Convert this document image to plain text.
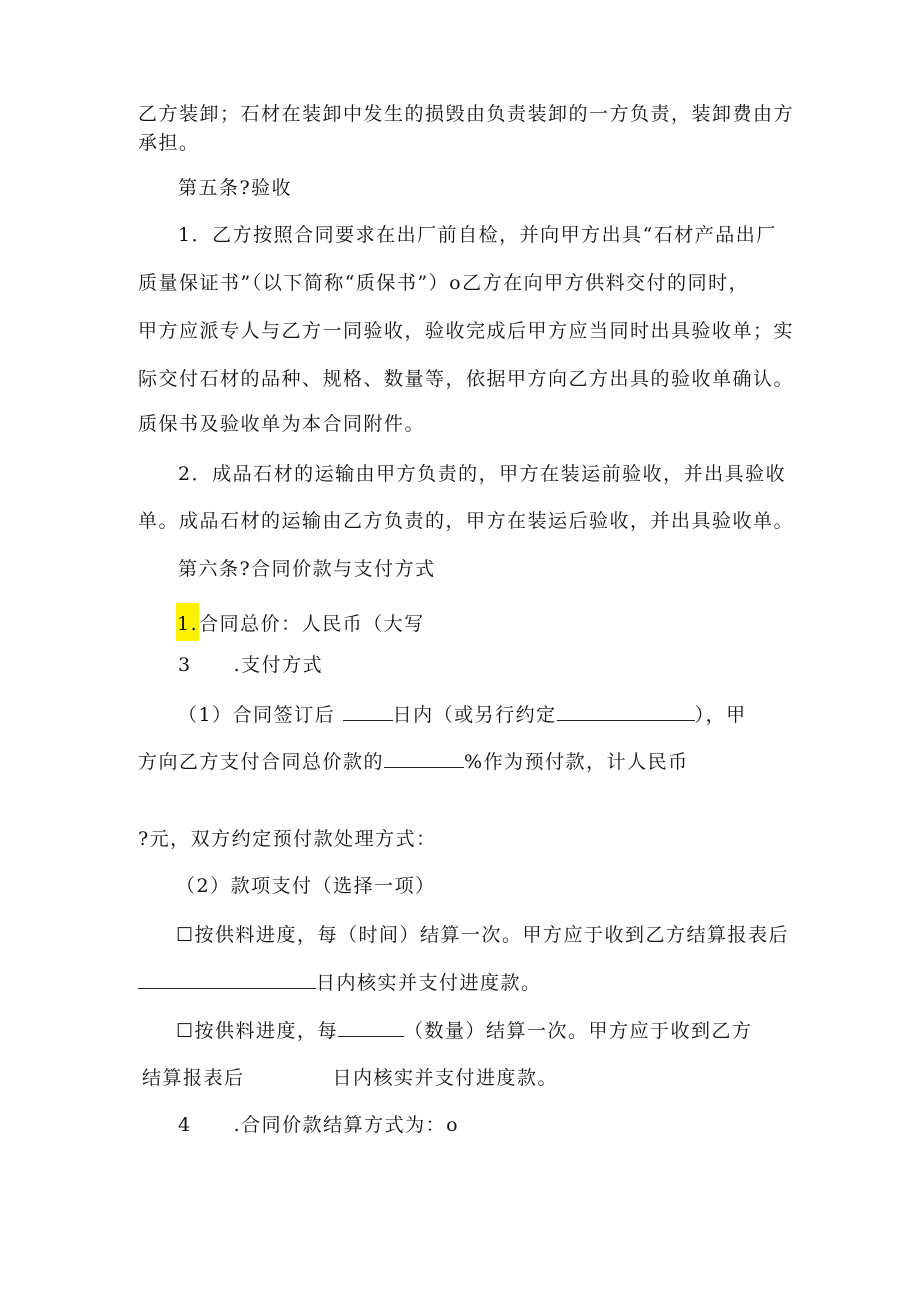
乙方装卸；石材在装卸中发生的损毁由负责装卸的一方负责，装卸费由方

承担。

第五条?验收

1．乙方按照合同要求在出厂前自检，并向甲方出具“石材产品出厂

质量保证书”（以下简称“质保书”）o乙方在向甲方供料交付的同时，

甲方应派专人与乙方一同验收，验收完成后甲方应当同时出具验收单；实

际交付石材的品种、规格、数量等，依据甲方向乙方出具的验收单确认。

质保书及验收单为本合同附件。

2．成品石材的运输由甲方负责的，甲方在装运前验收，并出具验收

单。成品石材的运输由乙方负责的，甲方在装运后验收，并出具验收单。

第六条?合同价款与支付方式

1.合同总价：人民币（大写

3 .支付方式

（1）合同签订后	日内（或另行约定	），甲

方向乙方支付合同总价款的	%作为预付款，计人民币

?元，双方约定预付款处理方式：

（2）款项支付（选择一项）

☐按供料进度，每（时间）结算一次。甲方应于收到乙方结算报表后

日内核实并支付进度款。

☐按供料进度，每	（数量）结算一次。甲方应于收到乙方

结算报表后	日内核实并支付进度款。

4 .合同价款结算方式为：o
